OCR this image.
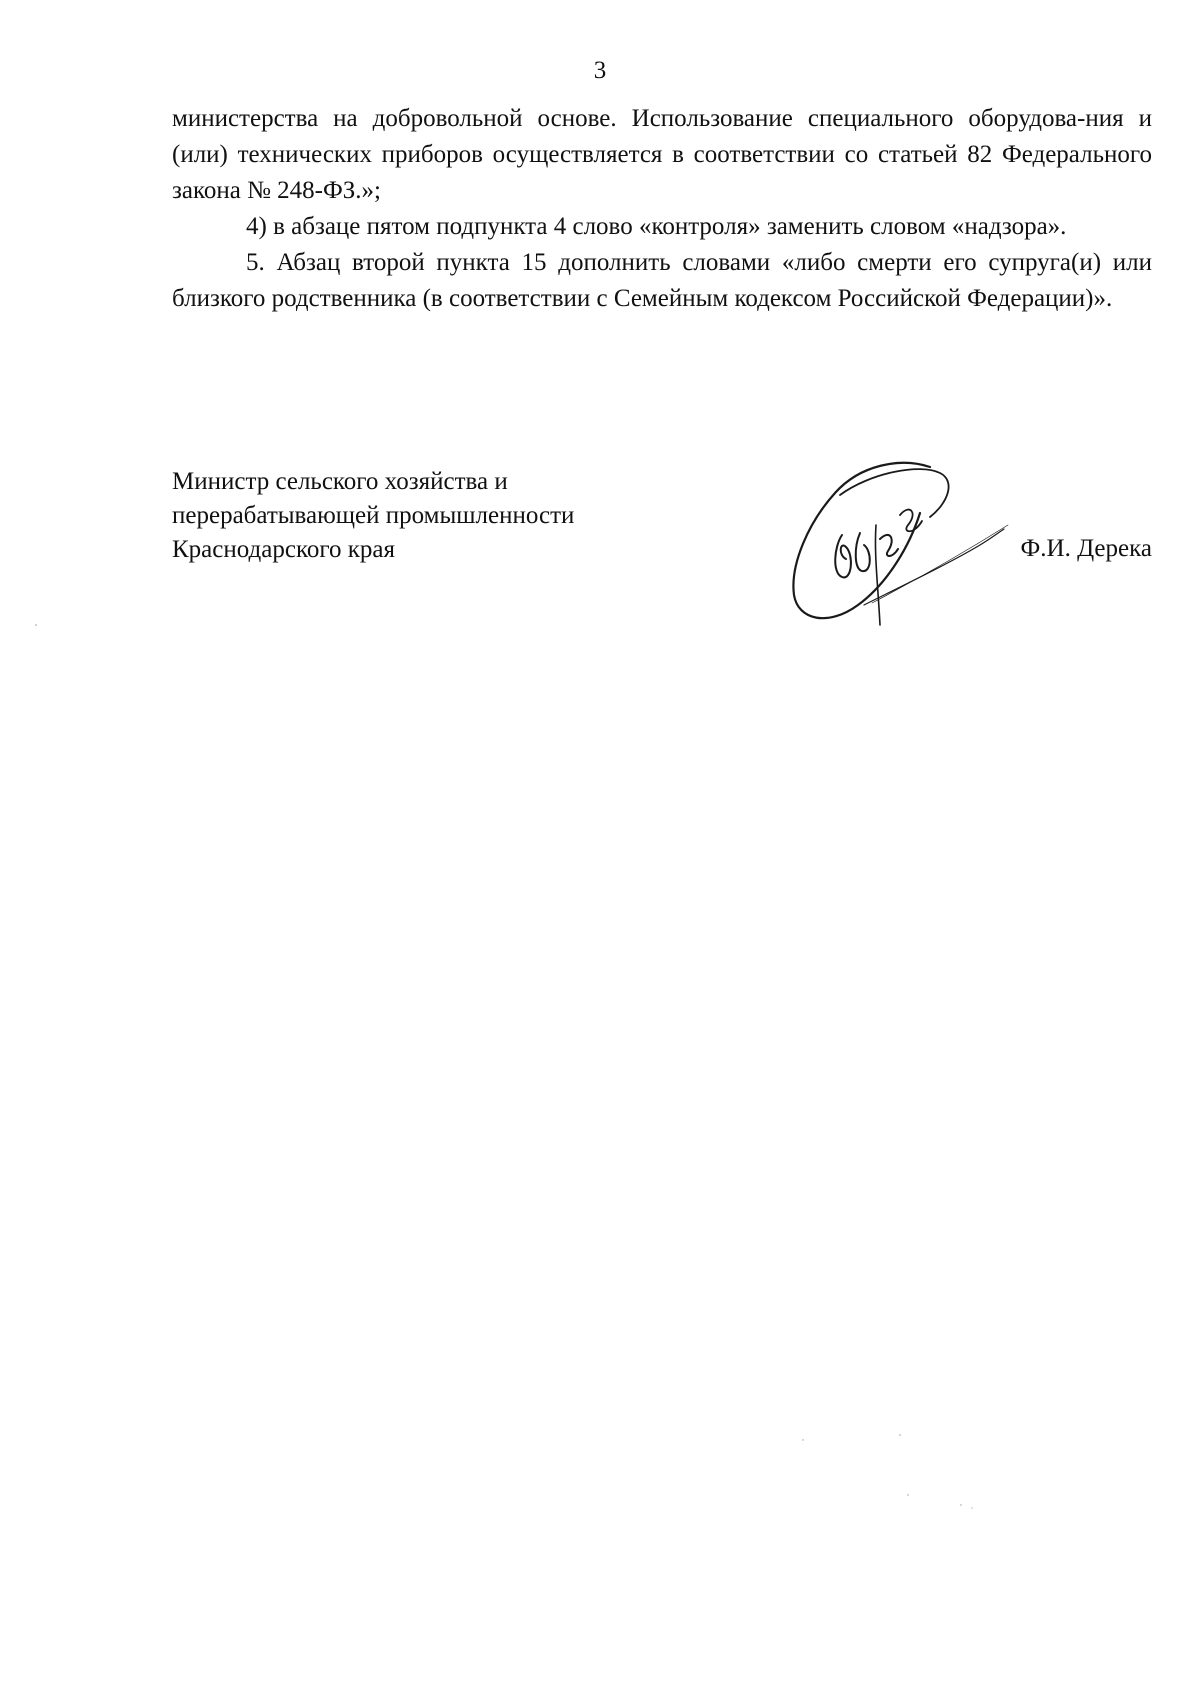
3

министерства на добровольной основе. Использование специального оборудова-ния и (или) технических приборов осуществляется в соответствии со статьей 82 Федерального закона № 248-ФЗ.»;

4) в абзаце пятом подпункта 4 слово «контроля» заменить словом «надзора».

5. Абзац второй пункта 15 дополнить словами «либо смерти его супруга(и) или близкого родственника (в соответствии с Семейным кодексом Российской Федерации)».

Министр сельского хозяйства и
перерабатывающей промышленности
Краснодарского края	Ф.И. Дерека
